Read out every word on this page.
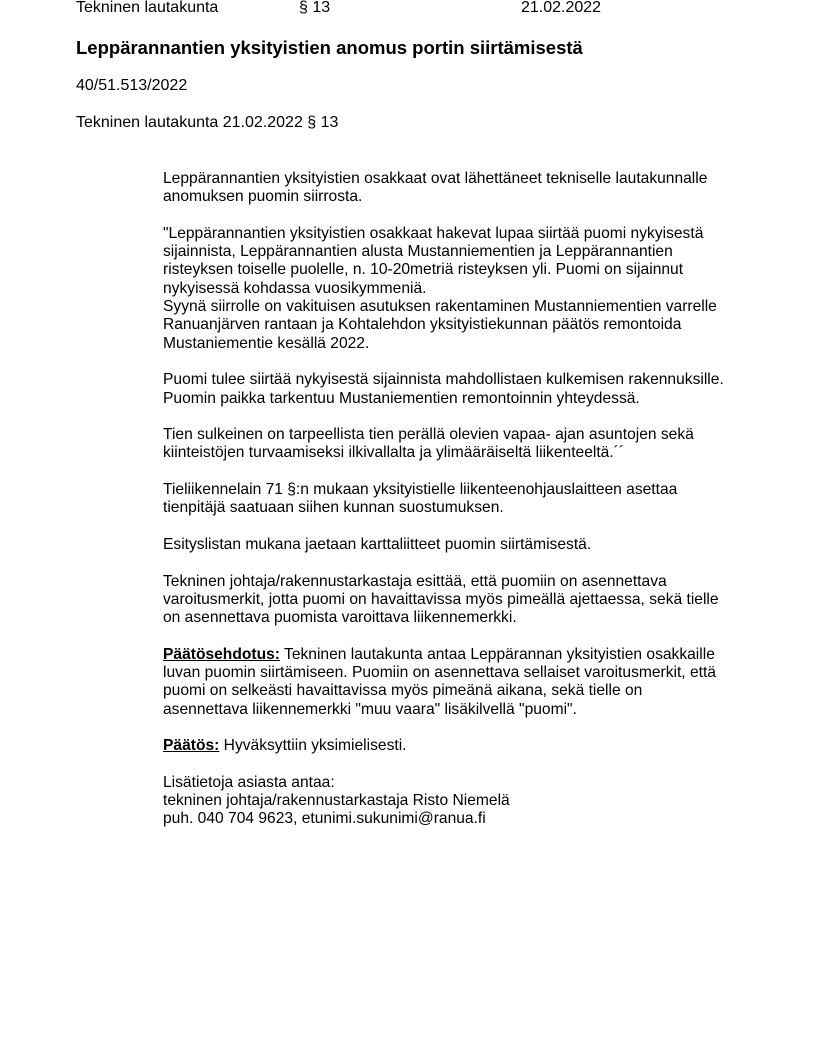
Tekninen lautakunta	§ 13	21.02.2022
Leppärannantien yksityistien anomus portin siirtämisestä
40/51.513/2022
Tekninen lautakunta 21.02.2022 § 13

Leppärannantien yksityistien osakkaat ovat lähettäneet tekniselle lautakunnalle
anomuksen puomin siirrosta.

"Leppärannantien yksityistien osakkaat hakevat lupaa siirtää puomi nykyisestä
sijainnista, Leppärannantien alusta Mustanniementien ja Leppärannantien
risteyksen toiselle puolelle, n. 10-20metriä risteyksen yli. Puomi on sijainnut
nykyisessä kohdassa vuosikymmeniä.
Syynä siirrolle on vakituisen asutuksen rakentaminen Mustanniementien varrelle
Ranuanjärven rantaan ja Kohtalehdon yksityistiekunnan päätös remontoida
Mustaniementie kesällä 2022.

Puomi tulee siirtää nykyisestä sijainnista mahdollistaen kulkemisen rakennuksille.
Puomin paikka tarkentuu Mustaniementien remontoinnin yhteydessä.

Tien sulkeinen on tarpeellista tien perällä olevien vapaa- ajan asuntojen sekä
kiinteistöjen turvaamiseksi ilkivallalta ja ylimääräiseltä liikenteeltä.´´

Tieliikennelain 71 §:n mukaan yksityistielle liikenteenohjauslaitteen asettaa
tienpitäjä saatuaan siihen kunnan suostumuksen.

Esityslistan mukana jaetaan karttaliitteet puomin siirtämisestä.

Tekninen johtaja/rakennustarkastaja esittää, että puomiin on asennettava
varoitusmerkit, jotta puomi on havaittavissa myös pimeällä ajettaessa, sekä tielle
on asennettava puomista varoittava liikennemerkki.

Päätösehdotus: Tekninen lautakunta antaa Leppärannan yksityistien osakkaille
luvan puomin siirtämiseen. Puomiin on asennettava sellaiset varoitusmerkit, että
puomi on selkeästi havaittavissa myös pimeänä aikana, sekä tielle on
asennettava liikennemerkki "muu vaara" lisäkilvellä "puomi".

Päätös: Hyväksyttiin yksimielisesti.

Lisätietoja asiasta antaa:
tekninen johtaja/rakennustarkastaja Risto Niemelä
puh. 040 704 9623, etunimi.sukunimi@ranua.fi
